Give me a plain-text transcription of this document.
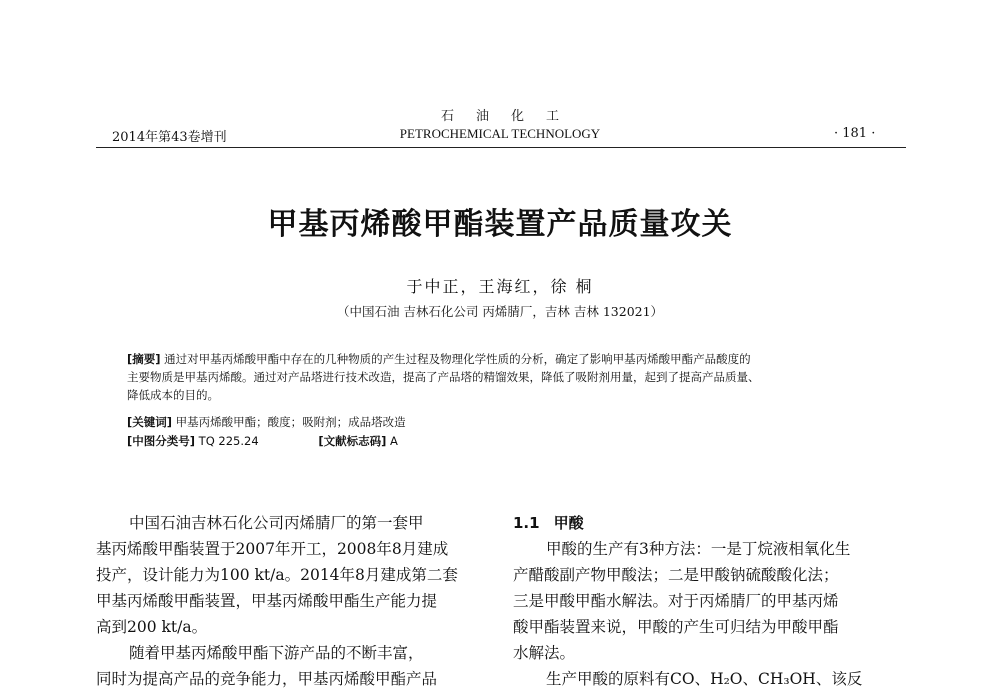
石油化工
2014年第43卷增刊	PETROCHEMICAL TECHNOLOGY	· 181 ·
甲基丙烯酸甲酯装置产品质量攻关
于中正，王海红，徐 桐
（中国石油 吉林石化公司 丙烯腈厂，吉林 吉林 132021）
[摘要] 通过对甲基丙烯酸甲酯中存在的几种物质的产生过程及物理化学性质的分析，确定了影响甲基丙烯酸甲酯产品酸度的
主要物质是甲基丙烯酸。通过对产品塔进行技术改造，提高了产品塔的精馏效果，降低了吸附剂用量，起到了提高产品质量、
降低成本的目的。
[关键词] 甲基丙烯酸甲酯；酸度；吸附剂；成品塔改造
[中图分类号] TQ 225.24	[文献标志码] A
中国石油吉林石化公司丙烯腈厂的第一套甲
基丙烯酸甲酯装置于2007年开工，2008年8月建成
投产，设计能力为100 kt/a。2014年8月建成第二套
甲基丙烯酸甲酯装置，甲基丙烯酸甲酯生产能力提
高到200 kt/a。
随着甲基丙烯酸甲酯下游产品的不断丰富，
同时为提高产品的竞争能力，甲基丙烯酸甲酯产品
1.1 甲酸
甲酸的生产有3种方法：一是丁烷液相氧化生
产醋酸副产物甲酸法；二是甲酸钠硫酸酸化法；
三是甲酸甲酯水解法。对于丙烯腈厂的甲基丙烯
酸甲酯装置来说，甲酸的产生可归结为甲酸甲酯
水解法。
生产甲酸的原料有CO、H₂O、CH₃OH、该反
